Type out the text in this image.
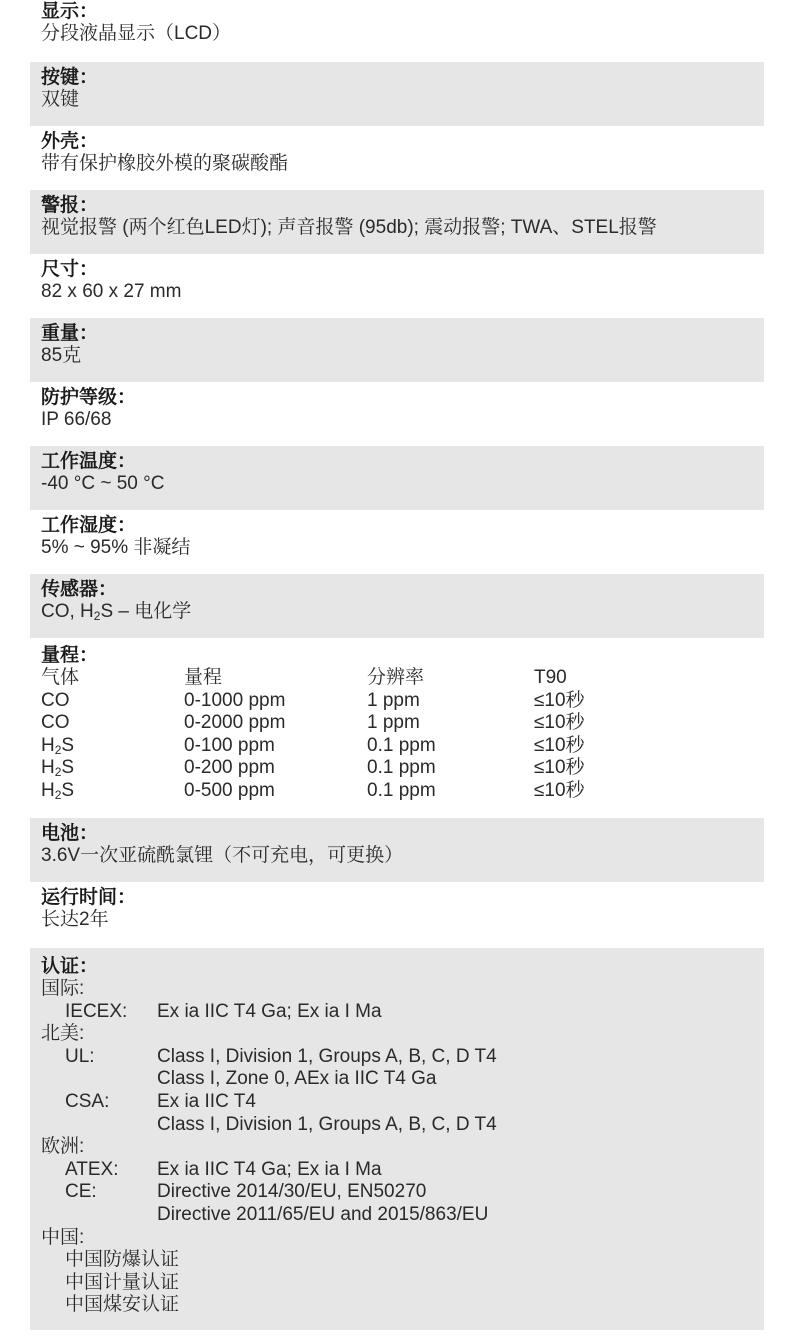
显示：
分段液晶显示（LCD）
按键：
双键
外壳：
带有保护橡胶外模的聚碳酸酯
警报：
视觉报警 (两个红色LED灯); 声音报警 (95db); 震动报警; TWA、STEL报警
尺寸：
82 x 60 x 27 mm
重量：
85克
防护等级：
IP 66/68
工作温度：
-40 °C ~ 50 °C
工作湿度：
5% ~ 95% 非凝结
传感器：
CO, $H_2S$ – 电化学
量程：
气体	量程	分辨率	T90
CO	0-1000 ppm	1 ppm	≤10秒
CO	0-2000 ppm	1 ppm	≤10秒
$H_2S$	0-100 ppm	0.1 ppm	≤10秒
$H_2S$	0-200 ppm	0.1 ppm	≤10秒
$H_2S$	0-500 ppm	0.1 ppm	≤10秒
电池：
3.6V一次亚硫酰氯锂（不可充电，可更换）
运行时间：
长达2年
认证：
国际:
IECEX: Ex ia IIC T4 Ga; Ex ia I Ma
北美:
UL:	Class I, Division 1, Groups A, B, C, D T4
Class I, Zone 0, AEx ia IIC T4 Ga
CSA:	Ex ia IIC T4
Class I, Division 1, Groups A, B, C, D T4
欧洲:
ATEX: Ex ia IIC T4 Ga; Ex ia I Ma
CE:	Directive 2014/30/EU, EN50270
Directive 2011/65/EU and 2015/863/EU
中国:
中国防爆认证
中国计量认证
中国煤安认证
